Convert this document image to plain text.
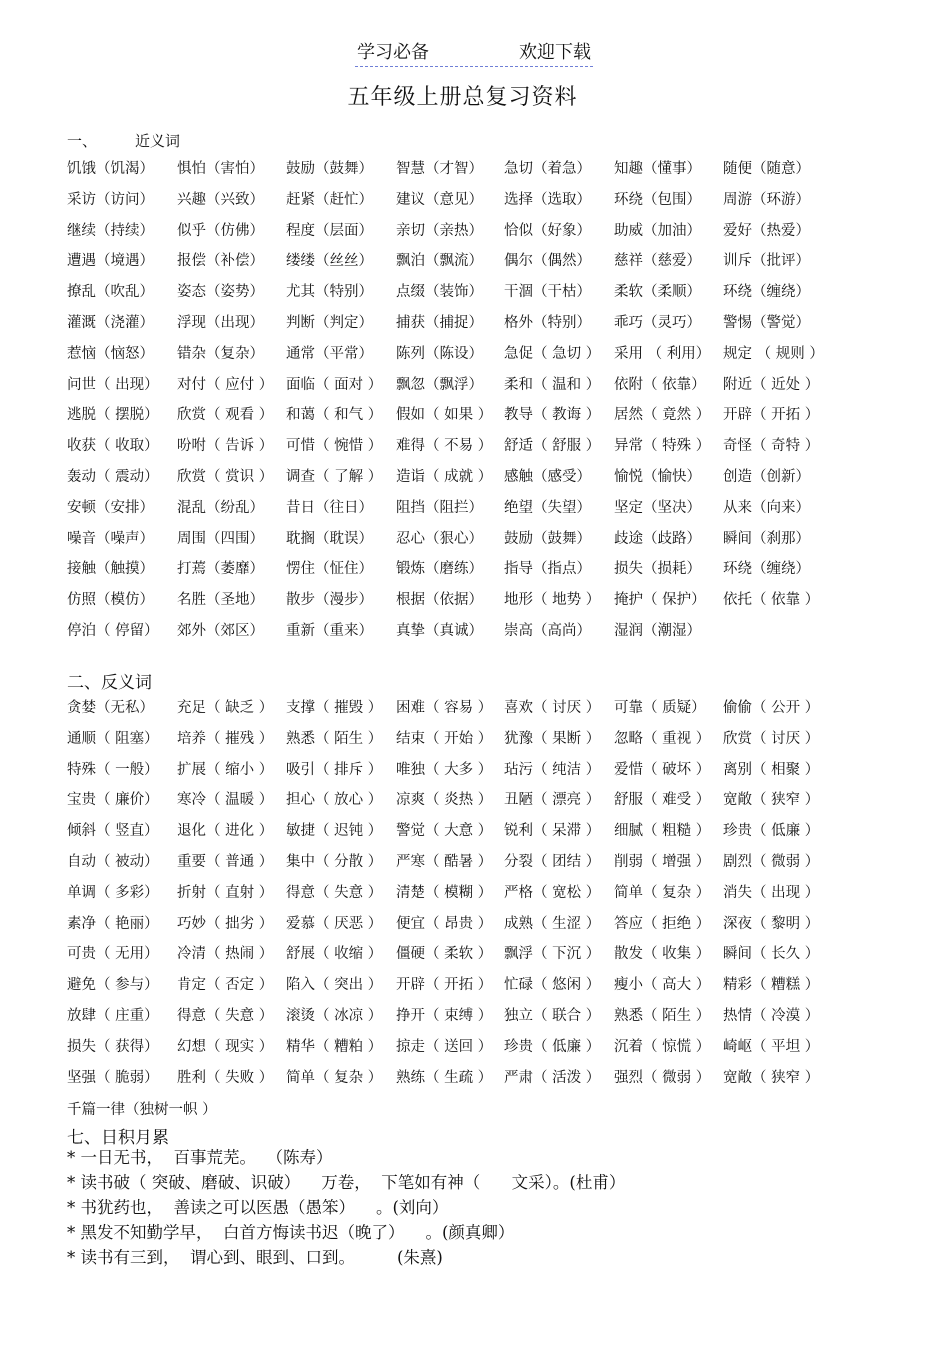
学习必备	欢迎下载
五年级上册总复习资料
一、	近义词
饥饿（饥渴） 惧怕（害怕） 鼓励（鼓舞） 智慧（才智） 急切（着急） 知趣（懂事） 随便（随意）
采访（访问） 兴趣（兴致） 赶紧（赶忙） 建议（意见） 选择（选取） 环绕（包围） 周游（环游）
继续（持续） 似乎（仿佛） 程度（层面） 亲切（亲热） 恰似（好象） 助威（加油） 爱好（热爱）
遭遇（境遇） 报偿（补偿） 缕缕（丝丝） 飘泊（飘流） 偶尔（偶然） 慈祥（慈爱） 训斥（批评）
撩乱（吹乱） 姿态（姿势） 尤其（特别） 点缀（装饰） 干涸（干枯） 柔软（柔顺） 环绕（缠绕）
灌溉（浇灌） 浮现（出现） 判断（判定） 捕获（捕捉） 格外（特别） 乖巧（灵巧） 警惕（警觉）
惹恼（恼怒） 错杂（复杂） 通常（平常） 陈列（陈设） 急促（ 急切 ） 采用 （ 利用） 规定 （ 规则 ）
问世（ 出现） 对付（ 应付 ） 面临（ 面对 ） 飘忽（飘浮） 柔和（ 温和 ） 依附（ 依靠） 附近（ 近处 ）
逃脱（ 摆脱） 欣赏（ 观看 ） 和蔼（ 和气 ） 假如（ 如果 ） 教导（ 教诲 ） 居然（ 竟然 ） 开辟（ 开拓 ）
收获（ 收取） 吩咐（ 告诉 ） 可惜（ 惋惜 ） 难得（ 不易 ） 舒适（ 舒服 ） 异常（ 特殊 ） 奇怪（ 奇特 ）
轰动（ 震动） 欣赏（ 赏识 ） 调查（ 了解 ） 造诣（ 成就 ） 感触（感受） 愉悦（愉快） 创造（创新）
安顿（安排） 混乱（纷乱） 昔日（往日） 阻挡（阻拦） 绝望（失望） 坚定（坚决） 从来（向来）
噪音（噪声） 周围（四围） 耽搁（耽误） 忍心（狠心） 鼓励（鼓舞） 歧途（歧路） 瞬间（刹那）
接触（触摸） 打蔫（萎靡） 愣住（怔住） 锻炼（磨练） 指导（指点） 损失（损耗） 环绕（缠绕）
仿照（模仿） 名胜（圣地） 散步（漫步） 根据（依据） 地形（ 地势 ） 掩护（ 保护） 依托（ 依靠 ）
停泊（ 停留） 郊外（郊区） 重新（重来） 真挚（真诚） 崇高（高尚） 湿润（潮湿）
二、反义词
贪婪（无私） 充足（ 缺乏 ） 支撑（ 摧毁 ） 困难（ 容易 ） 喜欢（ 讨厌 ） 可靠（ 质疑） 偷偷（ 公开 ）
通顺（ 阻塞） 培养（ 摧残 ） 熟悉（ 陌生 ） 结束（ 开始 ） 犹豫（ 果断 ） 忽略（ 重视 ） 欣赏（ 讨厌 ）
特殊（ 一般） 扩展（ 缩小 ） 吸引（ 排斥 ） 唯独（ 大多 ） 玷污（ 纯洁 ） 爱惜（ 破坏 ） 离别（ 相聚 ）
宝贵（ 廉价） 寒冷（ 温暖 ） 担心（ 放心 ） 凉爽（ 炎热 ） 丑陋（ 漂亮 ） 舒服（ 难受 ） 宽敞（ 狭窄 ）
倾斜（ 竖直） 退化（ 进化 ） 敏捷（ 迟钝 ） 警觉（ 大意 ） 锐利（ 呆滞 ） 细腻（ 粗糙 ） 珍贵（ 低廉 ）
自动（ 被动） 重要（ 普通 ） 集中（ 分散 ） 严寒（ 酷暑 ） 分裂（ 团结 ） 削弱（ 增强 ） 剧烈（ 微弱 ）
单调（ 多彩） 折射（ 直射 ） 得意（ 失意 ） 清楚（ 模糊 ） 严格（ 宽松 ） 简单（ 复杂 ） 消失（ 出现 ）
素净（ 艳丽） 巧妙（ 拙劣 ） 爱慕（ 厌恶 ） 便宜（ 昂贵 ） 成熟（ 生涩 ） 答应（ 拒绝 ） 深夜（ 黎明 ）
可贵（ 无用） 冷清（ 热闹 ） 舒展（ 收缩 ） 僵硬（ 柔软 ） 飘浮（ 下沉 ） 散发（ 收集 ） 瞬间（ 长久 ）
避免（ 参与） 肯定（ 否定 ） 陷入（ 突出 ） 开辟（ 开拓 ） 忙碌（ 悠闲 ） 瘦小（ 高大 ） 精彩（ 糟糕 ）
放肆（ 庄重） 得意（ 失意 ） 滚烫（ 冰凉 ） 挣开（ 束缚 ） 独立（ 联合 ） 熟悉（ 陌生 ） 热情（ 冷漠 ）
损失（ 获得） 幻想（ 现实 ） 精华（ 糟粕 ） 掠走（ 送回 ） 珍贵（ 低廉 ） 沉着（ 惊慌 ） 崎岖（ 平坦 ）
坚强（ 脆弱） 胜利（ 失败 ） 简单（ 复杂 ） 熟练（ 生疏 ） 严肃（ 活泼 ） 强烈（ 微弱 ） 宽敞（ 狭窄 ）
千篇一律（独树一帜 ）
七、日积月累
* 一日无书，  百事荒芜。  （陈寿）
* 读书破（ 突破、磨破、识破）    万卷，  下笔如有神（      文采）。(杜甫）
* 书犹药也，  善读之可以医愚（愚笨）    。(刘向）
* 黑发不知勤学早，  白首方悔读书迟（晚了）    。(颜真卿）
* 读书有三到，  谓心到、眼到、口到。        (朱熹)
